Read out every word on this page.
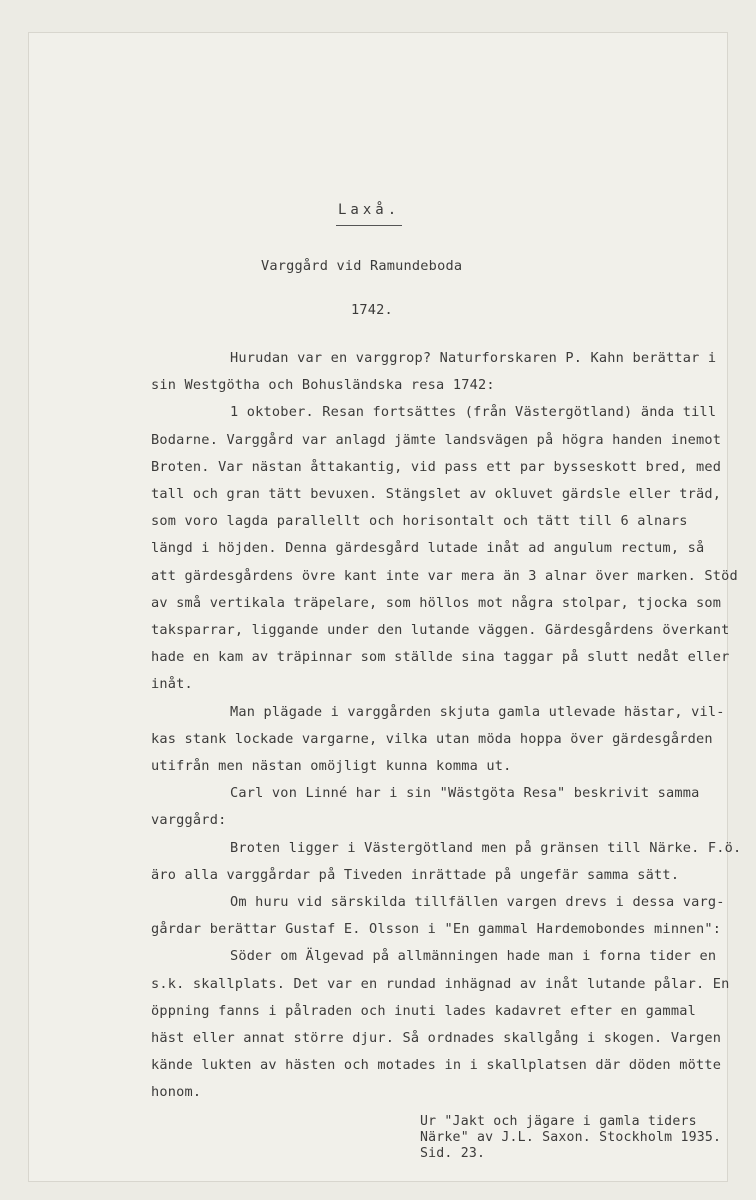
Laxå.
Varggård vid Ramundeboda
1742.
Hurudan var en varggrop? Naturforskaren P. Kahn berättar i
sin Westgötha och Bohusländska resa 1742:
1 oktober. Resan fortsättes (från Västergötland) ända till
Bodarne. Varggård var anlagd jämte landsvägen på högra handen inemot
Broten. Var nästan åttakantig, vid pass ett par bysseskott bred, med
tall och gran tätt bevuxen. Stängslet av okluvet gärdsle eller träd,
som voro lagda parallellt och horisontalt och tätt till 6 alnars
längd i höjden. Denna gärdesgård lutade inåt ad angulum rectum, så
att gärdesgårdens övre kant inte var mera än 3 alnar över marken. Stöd
av små vertikala träpelare, som höllos mot några stolpar, tjocka som
taksparrar, liggande under den lutande väggen. Gärdesgårdens överkant
hade en kam av träpinnar som ställde sina taggar på slutt nedåt eller
inåt.
Man plägade i varggården skjuta gamla utlevade hästar, vil-
kas stank lockade vargarne, vilka utan möda hoppa över gärdesgården
utifrån men nästan omöjligt kunna komma ut.
Carl von Linné har i sin "Wästgöta Resa" beskrivit samma
varggård:
Broten ligger i Västergötland men på gränsen till Närke. F.ö.
äro alla varggårdar på Tiveden inrättade på ungefär samma sätt.
Om huru vid särskilda tillfällen vargen drevs i dessa varg-
gårdar berättar Gustaf E. Olsson i "En gammal Hardemobondes minnen":
Söder om Älgevad på allmänningen hade man i forna tider en
s.k. skallplats. Det var en rundad inhägnad av inåt lutande pålar. En
öppning fanns i pålraden och inuti lades kadavret efter en gammal
häst eller annat större djur. Så ordnades skallgång i skogen. Vargen
kände lukten av hästen och motades in i skallplatsen där döden mötte
honom.
Ur "Jakt och jägare i gamla tiders
Närke" av J.L. Saxon. Stockholm 1935.
Sid. 23.
